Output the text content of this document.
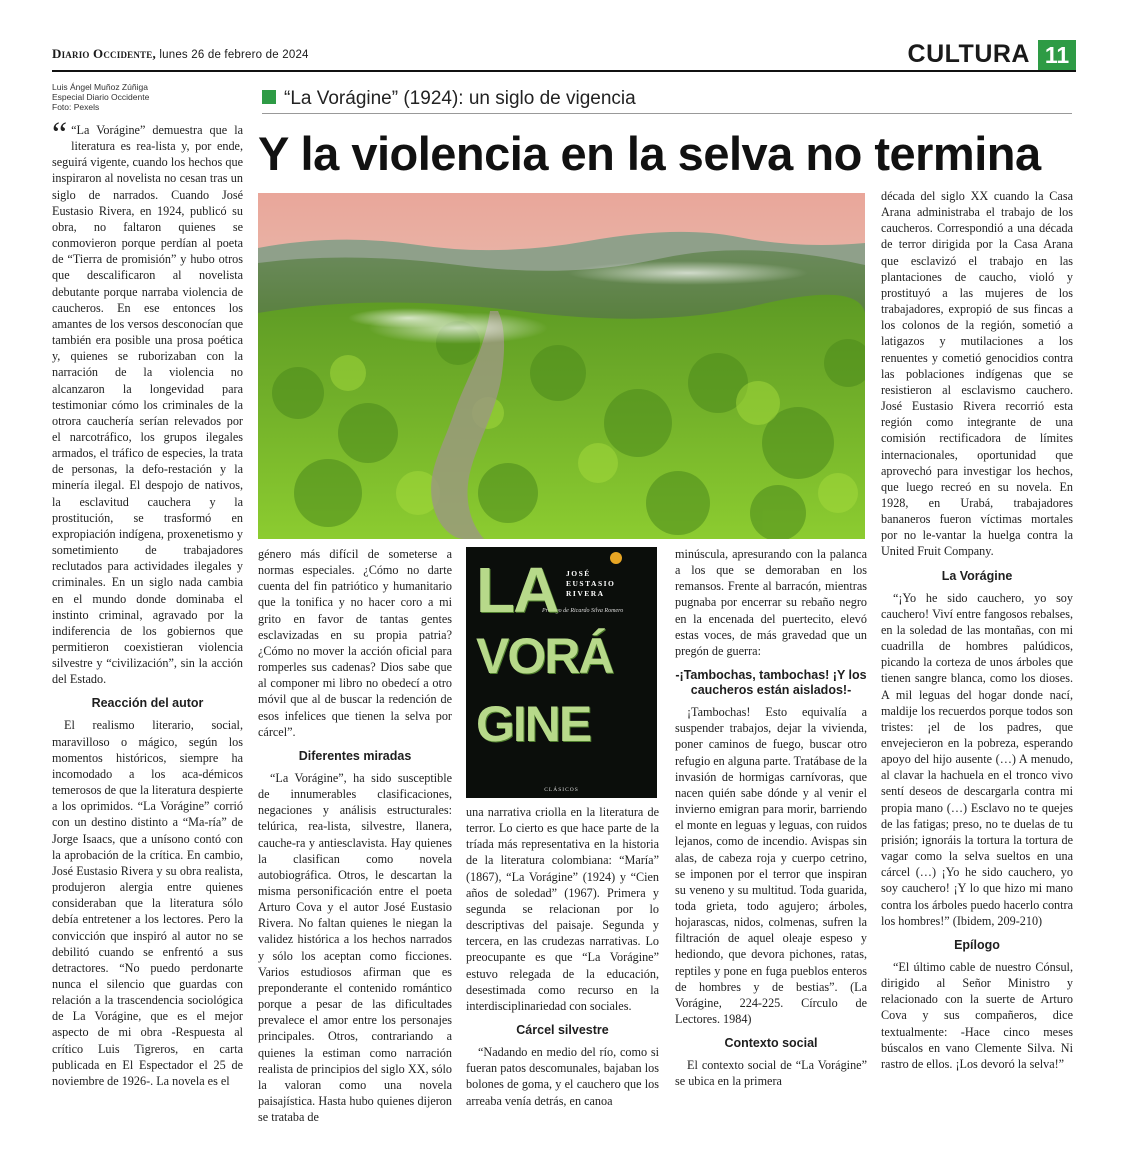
Diario Occidente, lunes 26 de febrero de 2024	CULTURA 11
Luis Ángel Muñoz Zúñiga
Especial Diario Occidente
Foto: Pexels	“La Vorágine” (1924): un siglo de vigencia
Y la violencia en la selva no termina
“ “La Vorágine” demuestra que la literatura es rea-lista y, por ende, seguirá vigente, cuando los hechos que inspiraron al novelista no cesan tras un siglo de narrados. Cuando José Eustasio Rivera, en 1924, publicó su obra, no faltaron quienes se conmovieron porque perdían al poeta de “Tierra de promisión” y hubo otros que descalificaron al novelista debutante porque narraba violencia de caucheros. En ese entonces los amantes de los versos desconocían que también era posible una prosa poética y, quienes se ruborizaban con la narración de la violencia no alcanzaron la longevidad para testimoniar cómo los criminales de la otrora cauchería serían relevados por el narcotráfico, los grupos ilegales armados, el tráfico de especies, la trata de personas, la defo-restación y la minería ilegal. El despojo de nativos, la esclavitud cauchera y la prostitución, se trasformó en expropiación indígena, proxenetismo y sometimiento de trabajadores reclutados para actividades ilegales y criminales. En un siglo nada cambia en el mundo donde dominaba el instinto criminal, agravado por la indiferencia de los gobiernos que permitieron coexistieran violencia silvestre y “civilización”, sin la acción del Estado.

Reacción del autor

El realismo literario, social, maravilloso o mágico, según los momentos históricos, siempre ha incomodado a los aca-démicos temerosos de que la literatura despierte a los oprimidos. “La Vorágine” corrió con un destino distinto a “Ma-ría” de Jorge Isaacs, que a unísono contó con la aprobación de la crítica. En cambio, José Eustasio Rivera y su obra realista, produjeron alergia entre quienes consideraban que la literatura sólo debía entretener a los lectores. Pero la convicción que inspiró al autor no se debilitó cuando se enfrentó a sus detractores. “No puedo perdonarte nunca el silencio que guardas con relación a la trascendencia sociológica de La Vorágine, que es el mejor aspecto de mi obra -Respuesta al crítico Luis Tigreros, en carta publicada en El Espectador el 25 de noviembre de 1926-. La novela es el

género más difícil de someterse a normas especiales. ¿Cómo no darte cuenta del fin patriótico y humanitario que la tonifica y no hacer coro a mi grito en favor de tantas gentes esclavizadas en su propia patria? ¿Cómo no mover la acción oficial para romperles sus cadenas? Dios sabe que al componer mi libro no obedecí a otro móvil que al de buscar la redención de esos infelices que tienen la selva por cárcel”.

Diferentes miradas

“La Vorágine”, ha sido susceptible de innumerables clasificaciones, negaciones y análisis estructurales: telúrica, rea-lista, silvestre, llanera, cauche-ra y antiesclavista. Hay quienes la clasifican como novela autobiográfica. Otros, le descartan la misma personificación entre el poeta Arturo Cova y el autor José Eustasio Rivera. No faltan quienes le niegan la validez histórica a los hechos narrados y sólo los aceptan como ficciones. Varios estudiosos afirman que es preponderante el contenido romántico porque a pesar de las dificultades prevalece el amor entre los personajes principales. Otros, contrariando a quienes la estiman como narración realista de principios del siglo XX, sólo la valoran como una novela paisajística. Hasta hubo quienes dijeron se trataba de

JOSÉ
EUSTASIO
RIVERA
Prólogo de Ricardo Silva Romero
LA
VORÁ
GINE
CLÁSICOS

una narrativa criolla en la literatura de terror. Lo cierto es que hace parte de la tríada más representativa en la historia de la literatura colombiana: “María” (1867), “La Vorágine” (1924) y “Cien años de soledad” (1967). Primera y segunda se relacionan por lo descriptivas del paisaje. Segunda y tercera, en las crudezas narrativas. Lo preocupante es que “La Vorágine” estuvo relegada de la educación, desestimada como recurso en la interdisciplinariedad con sociales.

Cárcel silvestre

“Nadando en medio del río, como si fueran patos descomunales, bajaban los bolones de goma, y el cauchero que los arreaba venía detrás, en canoa

minúscula, apresurando con la palanca a los que se demoraban en los remansos. Frente al barracón, mientras pugnaba por encerrar su rebaño negro en la encenada del puertecito, elevó estas voces, de más gravedad que un pregón de guerra:

-¡Tambochas, tambochas! ¡Y los caucheros están aislados!-

¡Tambochas! Esto equivalía a suspender trabajos, dejar la vivienda, poner caminos de fuego, buscar otro refugio en alguna parte. Tratábase de la invasión de hormigas carnívoras, que nacen quién sabe dónde y al venir el invierno emigran para morir, barriendo el monte en leguas y leguas, con ruidos lejanos, como de incendio. Avispas sin alas, de cabeza roja y cuerpo cetrino, se imponen por el terror que inspiran su veneno y su multitud. Toda guarida, toda grieta, todo agujero; árboles, hojarascas, nidos, colmenas, sufren la filtración de aquel oleaje espeso y hediondo, que devora pichones, ratas, reptiles y pone en fuga pueblos enteros de hombres y de bestias”. (La Vorágine, 224-225. Círculo de Lectores. 1984)

Contexto social

El contexto social de “La Vorágine” se ubica en la primera

década del siglo XX cuando la Casa Arana administraba el trabajo de los caucheros. Correspondió a una década de terror dirigida por la Casa Arana que esclavizó el trabajo en las plantaciones de caucho, violó y prostituyó a las mujeres de los trabajadores, expropió de sus fincas a los colonos de la región, sometió a latigazos y mutilaciones a los renuentes y cometió genocidios contra las poblaciones indígenas que se resistieron al esclavismo cauchero. José Eustasio Rivera recorrió esta región como integrante de una comisión rectificadora de límites internacionales, oportunidad que aprovechó para investigar los hechos, que luego recreó en su novela. En 1928, en Urabá, trabajadores bananeros fueron víctimas mortales por no le-vantar la huelga contra la United Fruit Company.

La Vorágine

“¡Yo he sido cauchero, yo soy cauchero! Viví entre fangosos rebalses, en la soledad de las montañas, con mi cuadrilla de hombres palúdicos, picando la corteza de unos árboles que tienen sangre blanca, como los dioses. A mil leguas del hogar donde nací, maldije los recuerdos porque todos son tristes: ¡el de los padres, que envejecieron en la pobreza, esperando apoyo del hijo ausente (…) A menudo, al clavar la hachuela en el tronco vivo sentí deseos de descargarla contra mi propia mano (…) Esclavo no te quejes de las fatigas; preso, no te duelas de tu prisión; ignoráis la tortura la tortura de vagar como la selva sueltos en una cárcel (…) ¡Yo he sido cauchero, yo soy cauchero! ¡Y lo que hizo mi mano contra los árboles puedo hacerlo contra los hombres!” (Ibidem, 209-210)

Epílogo

“El último cable de nuestro Cónsul, dirigido al Señor Ministro y relacionado con la suerte de Arturo Cova y sus compañeros, dice textualmente: -Hace cinco meses búscalos en vano Clemente Silva. Ni rastro de ellos. ¡Los devoró la selva!”
